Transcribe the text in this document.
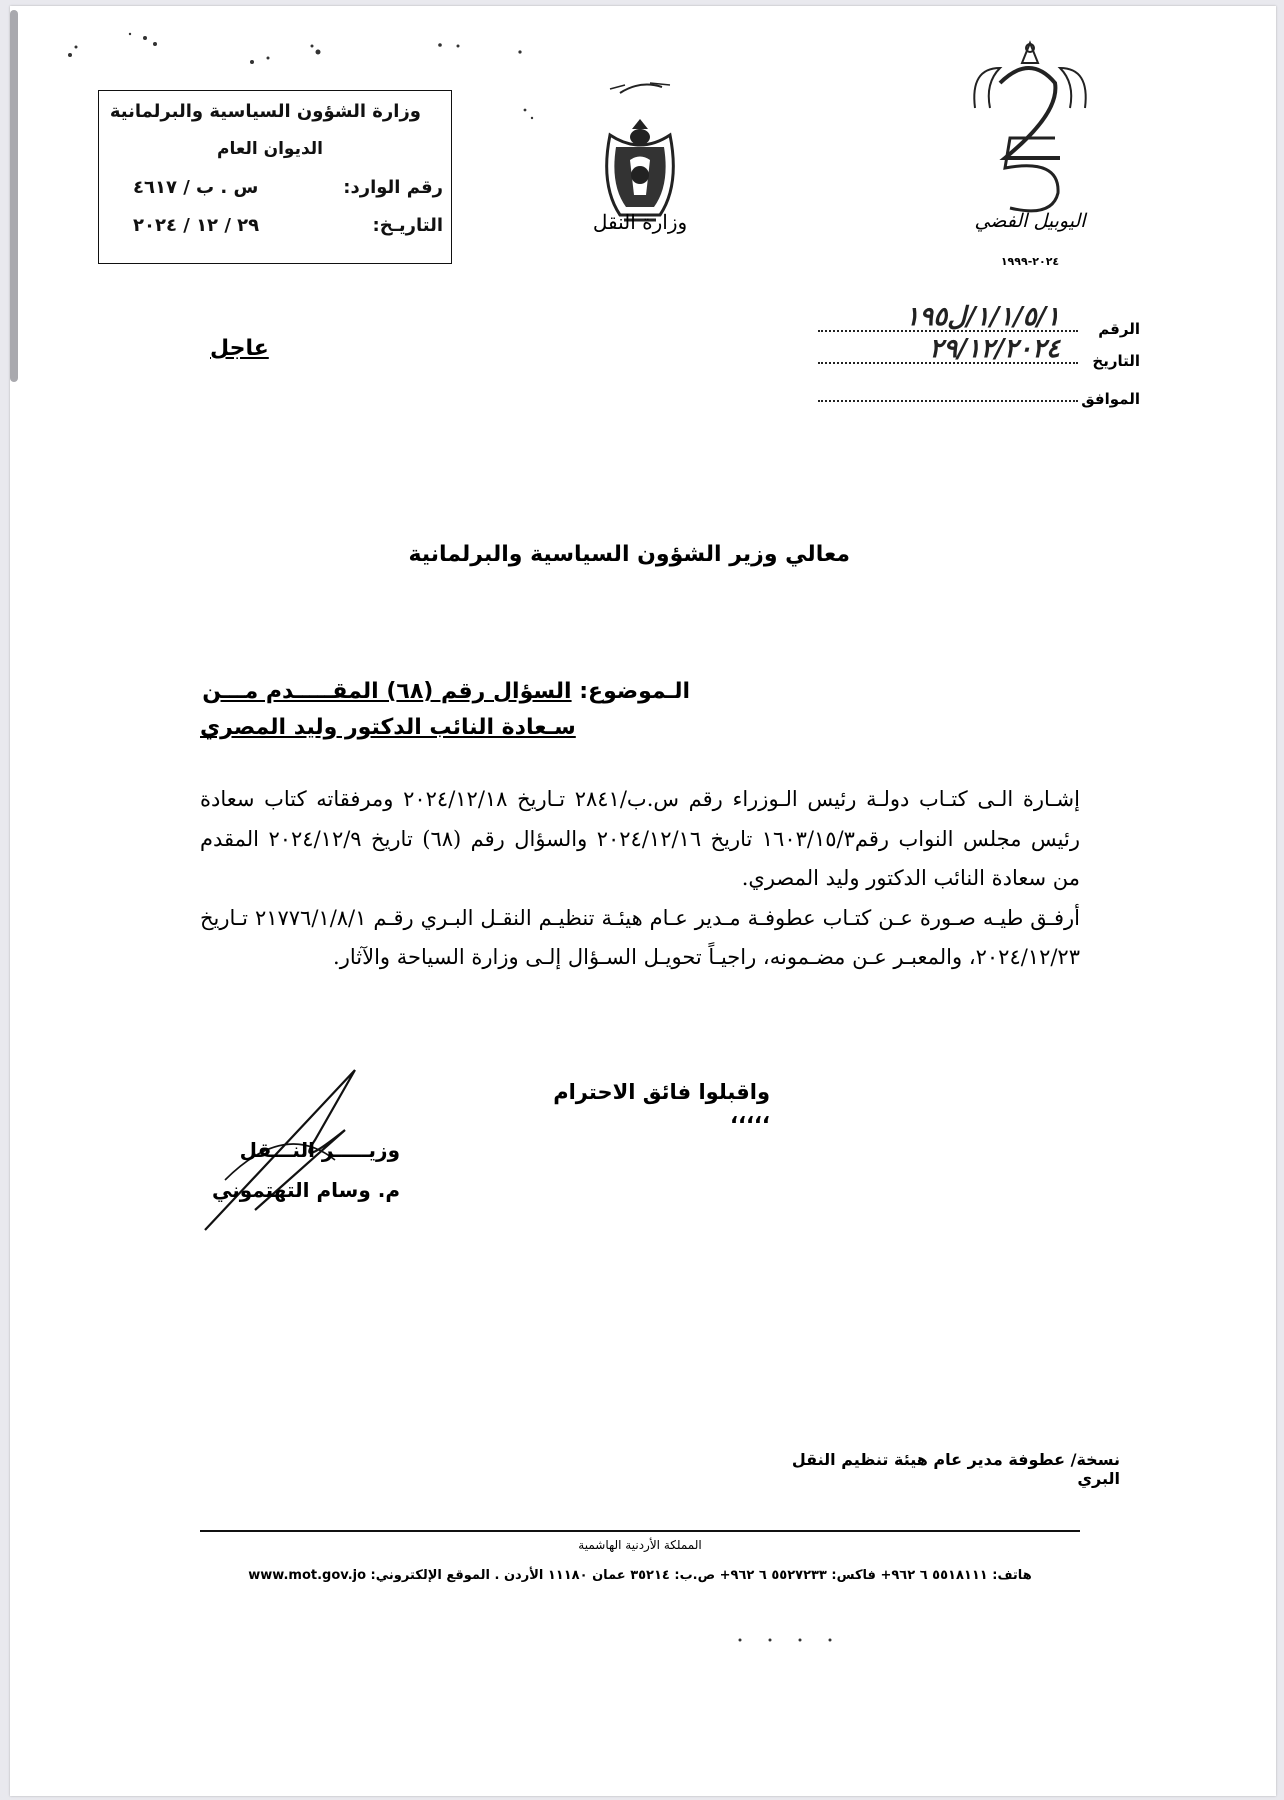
وزارة الشؤون السياسية والبرلمانية
الديوان العام
رقم الوارد:
س . ب / ٤٦١٧
التاريـخ:
٢٩ / ١٢ / ٢٠٢٤	وزارة النقل	اليوبيل الفضي
٢٠٢٤-١٩٩٩
الرقم
١/١/٥/١/ل١٩٥
التاريخ
٢٩/١٢/٢٠٢٤
الموافق
عاجل
معالي وزير الشؤون السياسية والبرلمانية
الـموضوع: السؤال رقم (٦٨) المقـــــدم مـــن
سـعادة النائب الدكتور وليد المصري

إشـارة الـى كتـاب دولـة رئيس الـوزراء رقم س.ب/٢٨٤١ تـاريخ ٢٠٢٤/١٢/١٨ ومرفقاته كتاب سعادة رئيس مجلس النواب رقم١٦٠٣/١٥/٣ تاريخ ٢٠٢٤/١٢/١٦ والسؤال رقم (٦٨) تاريخ ٢٠٢٤/١٢/٩ المقدم من سعادة النائب الدكتور وليد المصري.

أرفـق طيـه صـورة عـن كتـاب عطوفـة مـدير عـام هيئـة تنظيـم النقـل البـري رقـم ٢١٧٧٦/١/٨/١ تـاريخ ٢٠٢٤/١٢/٢٣، والمعبـر عـن مضـمونه، راجيـاً تحويـل السـؤال إلـى وزارة السياحة والآثار.

واقبلوا فائق الاحترام ،،،،،
وزيـــــر النـــقل
م. وسام التهتموني
نسخة/ عطوفة مدير عام هيئة تنظيم النقل البري
المملكة الأردنية الهاشمية
هاتف: ٥٥١٨١١١ ٦ ٩٦٢+ فاكس: ٥٥٢٧٢٣٣ ٦ ٩٦٢+ ص.ب: ٣٥٢١٤ عمان ١١١٨٠ الأردن . الموقع الإلكتروني: www.mot.gov.jo
